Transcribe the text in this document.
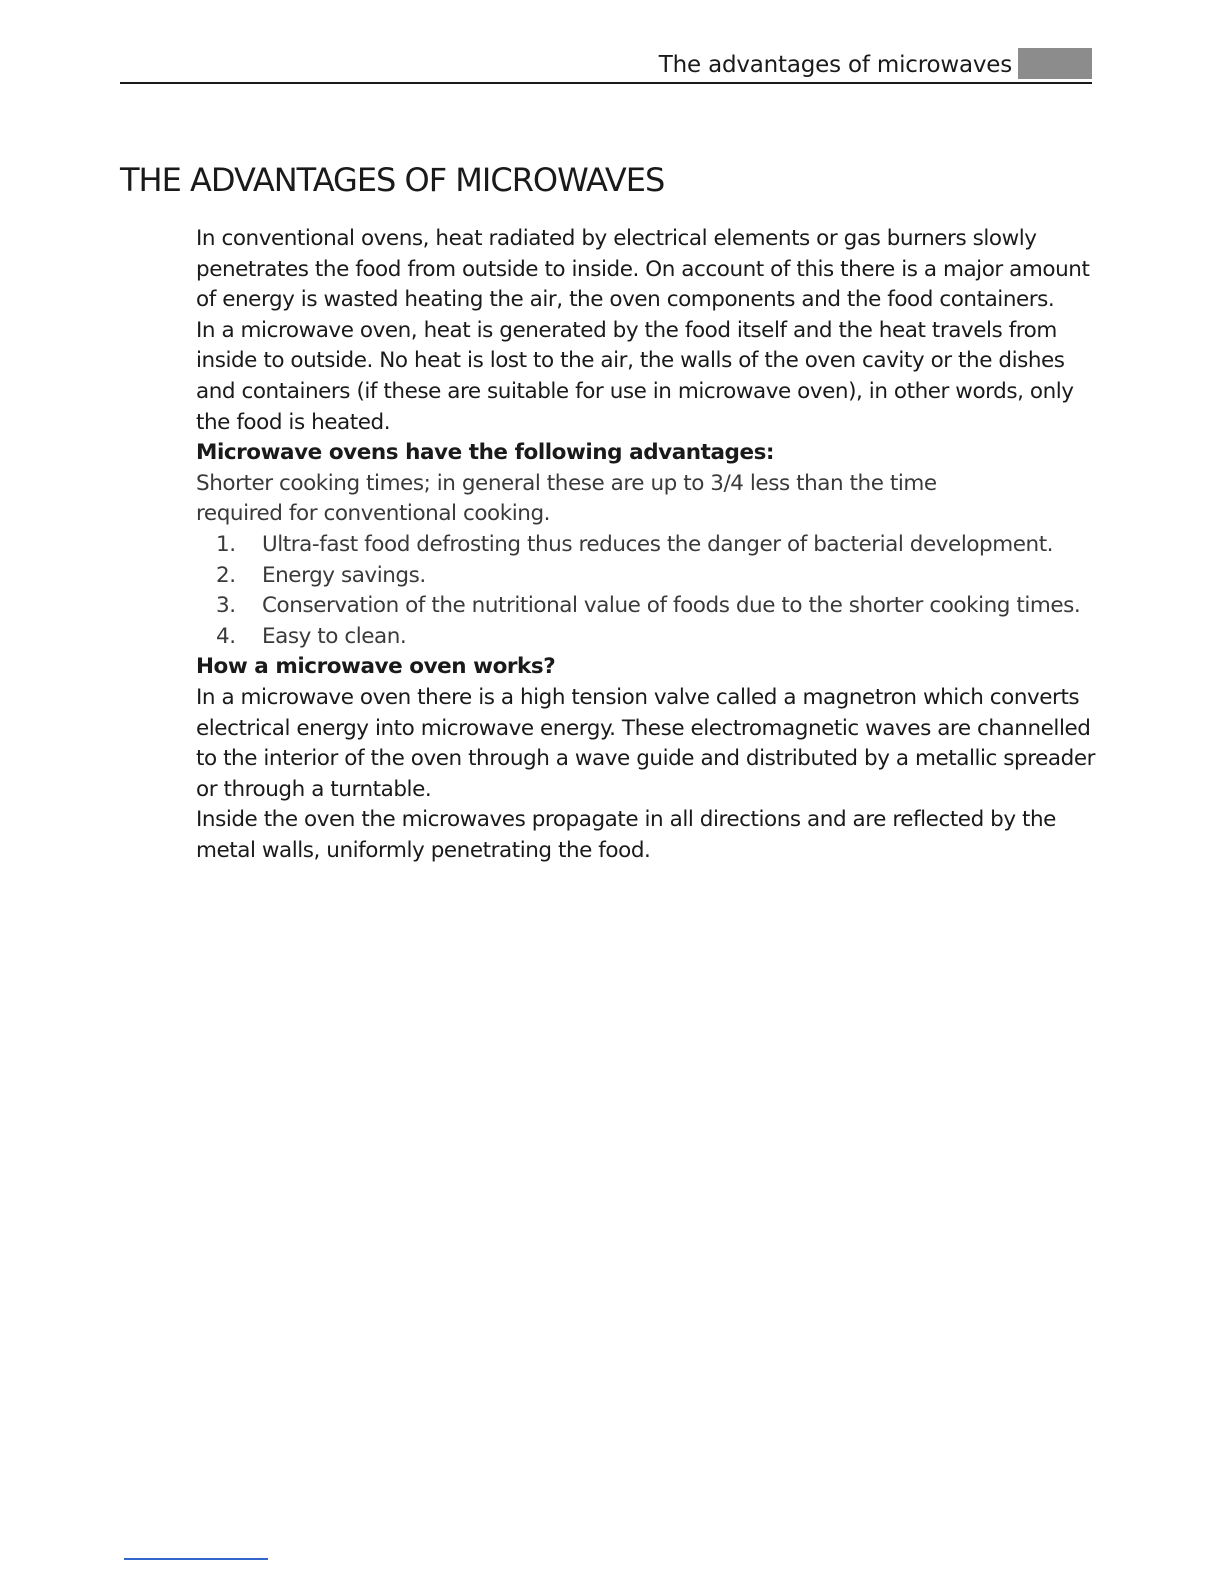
The advantages of microwaves
THE ADVANTAGES OF MICROWAVES

In conventional ovens, heat radiated by electrical elements or gas burners slowly penetrates the food from outside to inside. On account of this there is a major amount of energy is wasted heating the air, the oven components and the food containers.

In a microwave oven, heat is generated by the food itself and the heat travels from inside to outside. No heat is lost to the air, the walls of the oven cavity or the dishes and containers (if these are suitable for use in microwave oven), in other words, only the food is heated.

Microwave ovens have the following advantages:

Shorter cooking times; in general these are up to 3/4 less than the time required for conventional cooking.

1. Ultra-fast food defrosting thus reduces the danger of bacterial development.
2. Energy savings.
3. Conservation of the nutritional value of foods due to the shorter cooking times.
4. Easy to clean.

How a microwave oven works?

In a microwave oven there is a high tension valve called a magnetron which converts electrical energy into microwave energy. These electromagnetic waves are channelled to the interior of the oven through a wave guide and distributed by a metallic spreader or through a turntable.

Inside the oven the microwaves propagate in all directions and are reflected by the metal walls, uniformly penetrating the food.
